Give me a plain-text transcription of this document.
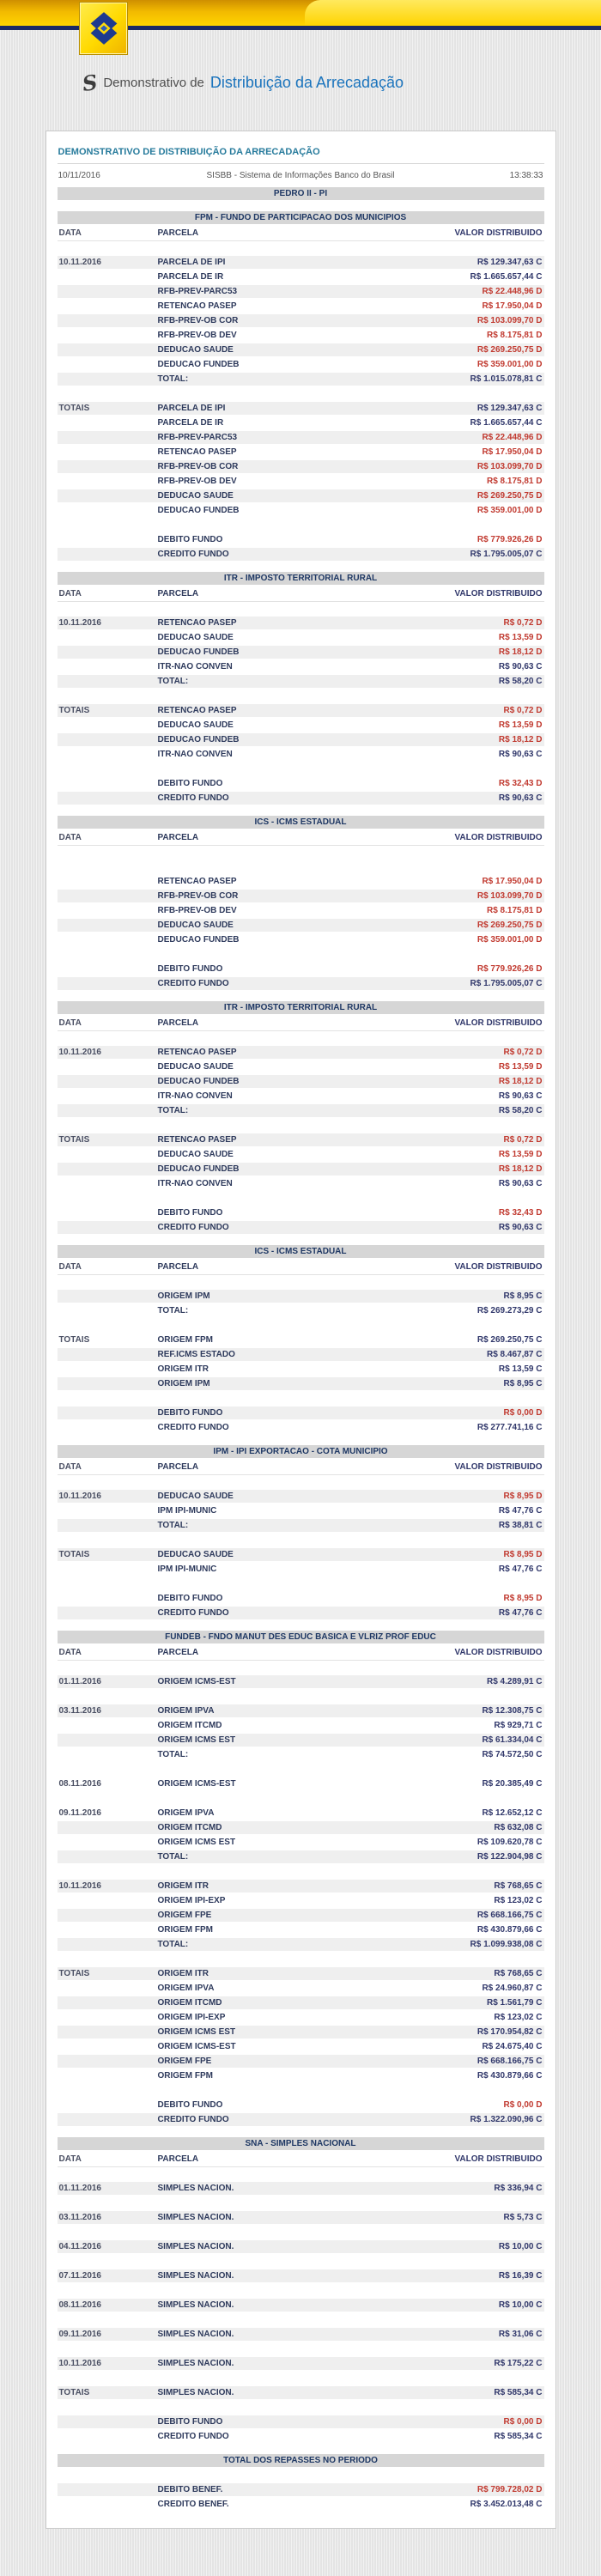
S Demonstrativo de Distribuição da Arrecadação
DEMONSTRATIVO DE DISTRIBUIÇÃO DA ARRECADAÇÃO
10/11/2016	SISBB - Sistema de Informações Banco do Brasil	13:38:33
PEDRO II - PI
FPM - FUNDO DE PARTICIPACAO DOS MUNICIPIOS
DATA	PARCELA	VALOR DISTRIBUIDO
10.11.2016	PARCELA DE IPI	R$ 129.347,63 C
PARCELA DE IR	R$ 1.665.657,44 C
RFB-PREV-PARC53	R$ 22.448,96 D
RETENCAO PASEP	R$ 17.950,04 D
RFB-PREV-OB COR	R$ 103.099,70 D
RFB-PREV-OB DEV	R$ 8.175,81 D
DEDUCAO SAUDE	R$ 269.250,75 D
DEDUCAO FUNDEB	R$ 359.001,00 D
TOTAL:	R$ 1.015.078,81 C
TOTAIS	PARCELA DE IPI	R$ 129.347,63 C
PARCELA DE IR	R$ 1.665.657,44 C
RFB-PREV-PARC53	R$ 22.448,96 D
RETENCAO PASEP	R$ 17.950,04 D
RFB-PREV-OB COR	R$ 103.099,70 D
RFB-PREV-OB DEV	R$ 8.175,81 D
DEDUCAO SAUDE	R$ 269.250,75 D
DEDUCAO FUNDEB	R$ 359.001,00 D
DEBITO FUNDO	R$ 779.926,26 D
CREDITO FUNDO	R$ 1.795.005,07 C
ITR - IMPOSTO TERRITORIAL RURAL
DATA	PARCELA	VALOR DISTRIBUIDO
10.11.2016	RETENCAO PASEP	R$ 0,72 D
DEDUCAO SAUDE	R$ 13,59 D
DEDUCAO FUNDEB	R$ 18,12 D
ITR-NAO CONVEN	R$ 90,63 C
TOTAL:	R$ 58,20 C
TOTAIS	RETENCAO PASEP	R$ 0,72 D
DEDUCAO SAUDE	R$ 13,59 D
DEDUCAO FUNDEB	R$ 18,12 D
ITR-NAO CONVEN	R$ 90,63 C
DEBITO FUNDO	R$ 32,43 D
CREDITO FUNDO	R$ 90,63 C
ICS - ICMS ESTADUAL
DATA	PARCELA	VALOR DISTRIBUIDO
RETENCAO PASEP	R$ 17.950,04 D
RFB-PREV-OB COR	R$ 103.099,70 D
RFB-PREV-OB DEV	R$ 8.175,81 D
DEDUCAO SAUDE	R$ 269.250,75 D
DEDUCAO FUNDEB	R$ 359.001,00 D
DEBITO FUNDO	R$ 779.926,26 D
CREDITO FUNDO	R$ 1.795.005,07 C
ITR - IMPOSTO TERRITORIAL RURAL
DATA	PARCELA	VALOR DISTRIBUIDO
10.11.2016	RETENCAO PASEP	R$ 0,72 D
DEDUCAO SAUDE	R$ 13,59 D
DEDUCAO FUNDEB	R$ 18,12 D
ITR-NAO CONVEN	R$ 90,63 C
TOTAL:	R$ 58,20 C
TOTAIS	RETENCAO PASEP	R$ 0,72 D
DEDUCAO SAUDE	R$ 13,59 D
DEDUCAO FUNDEB	R$ 18,12 D
ITR-NAO CONVEN	R$ 90,63 C
DEBITO FUNDO	R$ 32,43 D
CREDITO FUNDO	R$ 90,63 C
ICS - ICMS ESTADUAL
DATA	PARCELA	VALOR DISTRIBUIDO
ORIGEM IPM	R$ 8,95 C
TOTAL:	R$ 269.273,29 C
TOTAIS	ORIGEM FPM	R$ 269.250,75 C
REF.ICMS ESTADO	R$ 8.467,87 C
ORIGEM ITR	R$ 13,59 C
ORIGEM IPM	R$ 8,95 C
DEBITO FUNDO	R$ 0,00 D
CREDITO FUNDO	R$ 277.741,16 C
IPM - IPI EXPORTACAO - COTA MUNICIPIO
DATA	PARCELA	VALOR DISTRIBUIDO
10.11.2016	DEDUCAO SAUDE	R$ 8,95 D
IPM IPI-MUNIC	R$ 47,76 C
TOTAL:	R$ 38,81 C
TOTAIS	DEDUCAO SAUDE	R$ 8,95 D
IPM IPI-MUNIC	R$ 47,76 C
DEBITO FUNDO	R$ 8,95 D
CREDITO FUNDO	R$ 47,76 C
FUNDEB - FNDO MANUT DES EDUC BASICA E VLRIZ PROF EDUC
DATA	PARCELA	VALOR DISTRIBUIDO
01.11.2016	ORIGEM ICMS-EST	R$ 4.289,91 C
03.11.2016	ORIGEM IPVA	R$ 12.308,75 C
ORIGEM ITCMD	R$ 929,71 C
ORIGEM ICMS EST	R$ 61.334,04 C
TOTAL:	R$ 74.572,50 C
08.11.2016	ORIGEM ICMS-EST	R$ 20.385,49 C
09.11.2016	ORIGEM IPVA	R$ 12.652,12 C
ORIGEM ITCMD	R$ 632,08 C
ORIGEM ICMS EST	R$ 109.620,78 C
TOTAL:	R$ 122.904,98 C
10.11.2016	ORIGEM ITR	R$ 768,65 C
ORIGEM IPI-EXP	R$ 123,02 C
ORIGEM FPE	R$ 668.166,75 C
ORIGEM FPM	R$ 430.879,66 C
TOTAL:	R$ 1.099.938,08 C
TOTAIS	ORIGEM ITR	R$ 768,65 C
ORIGEM IPVA	R$ 24.960,87 C
ORIGEM ITCMD	R$ 1.561,79 C
ORIGEM IPI-EXP	R$ 123,02 C
ORIGEM ICMS EST	R$ 170.954,82 C
ORIGEM ICMS-EST	R$ 24.675,40 C
ORIGEM FPE	R$ 668.166,75 C
ORIGEM FPM	R$ 430.879,66 C
DEBITO FUNDO	R$ 0,00 D
CREDITO FUNDO	R$ 1.322.090,96 C
SNA - SIMPLES NACIONAL
DATA	PARCELA	VALOR DISTRIBUIDO
01.11.2016	SIMPLES NACION.	R$ 336,94 C
03.11.2016	SIMPLES NACION.	R$ 5,73 C
04.11.2016	SIMPLES NACION.	R$ 10,00 C
07.11.2016	SIMPLES NACION.	R$ 16,39 C
08.11.2016	SIMPLES NACION.	R$ 10,00 C
09.11.2016	SIMPLES NACION.	R$ 31,06 C
10.11.2016	SIMPLES NACION.	R$ 175,22 C
TOTAIS	SIMPLES NACION.	R$ 585,34 C
DEBITO FUNDO	R$ 0,00 D
CREDITO FUNDO	R$ 585,34 C
TOTAL DOS REPASSES NO PERIODO
DEBITO BENEF.	R$ 799.728,02 D
CREDITO BENEF.	R$ 3.452.013,48 C
